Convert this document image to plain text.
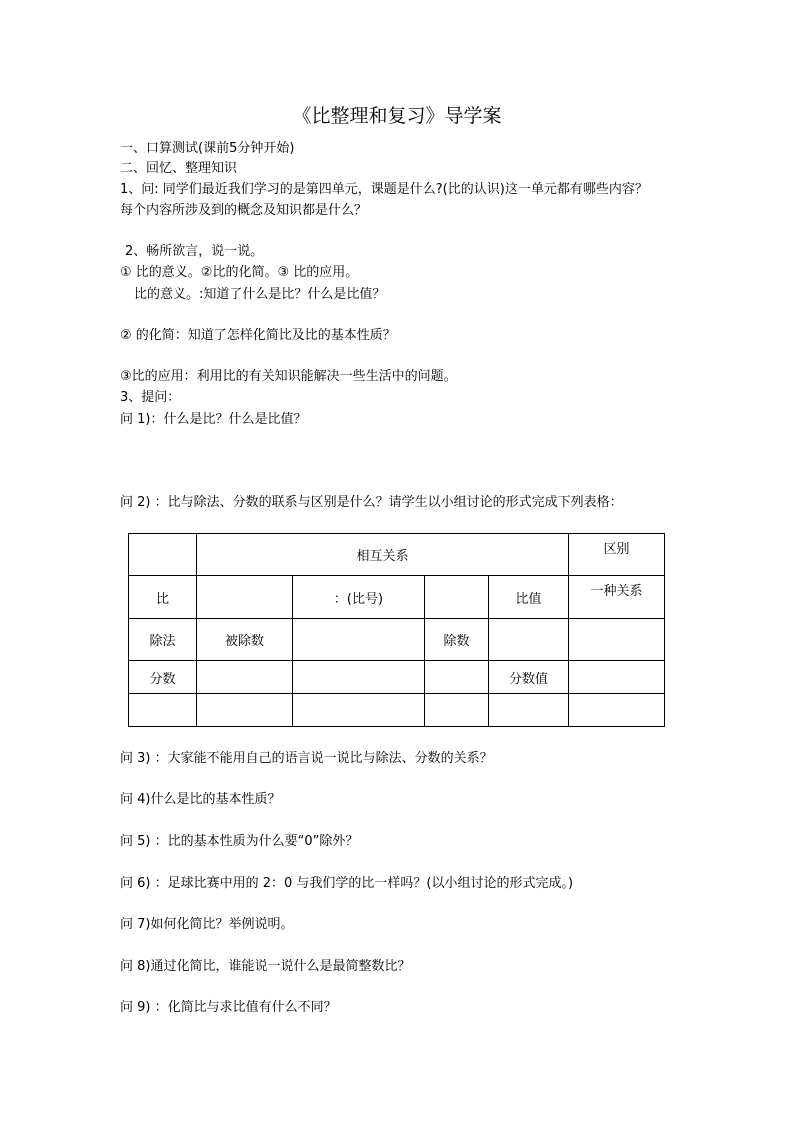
《比整理和复习》导学案
一、口算测试(课前5分钟开始)
二、回忆、整理知识
1、问: 同学们最近我们学习的是第四单元，课题是什么?(比的认识)这一单元都有哪些内容？
每个内容所涉及到的概念及知识都是什么？
2、畅所欲言，说一说。
① 比的意义。②比的化简。③ 比的应用。
比的意义。:知道了什么是比？什么是比值？
② 的化简：知道了怎样化简比及比的基本性质？
③比的应用：利用比的有关知识能解决一些生活中的问题。
3、提问：
问 1)：什么是比？什么是比值？
问 2) ：比与除法、分数的联系与区别是什么？请学生以小组讨论的形式完成下列表格：
	相互关系				区别
比		：(比号)		比值	一种关系
除法	被除数		除数		
分数				分数值	

问 3) ：大家能不能用自己的语言说一说比与除法、分数的关系？
问 4)什么是比的基本性质？
问 5) ：比的基本性质为什么要“0”除外？
问 6) ：足球比赛中用的 2：0 与我们学的比一样吗？(以小组讨论的形式完成。)
问 7)如何化简比？举例说明。
问 8)通过化简比，谁能说一说什么是最简整数比？
问 9) ：化简比与求比值有什么不同？
